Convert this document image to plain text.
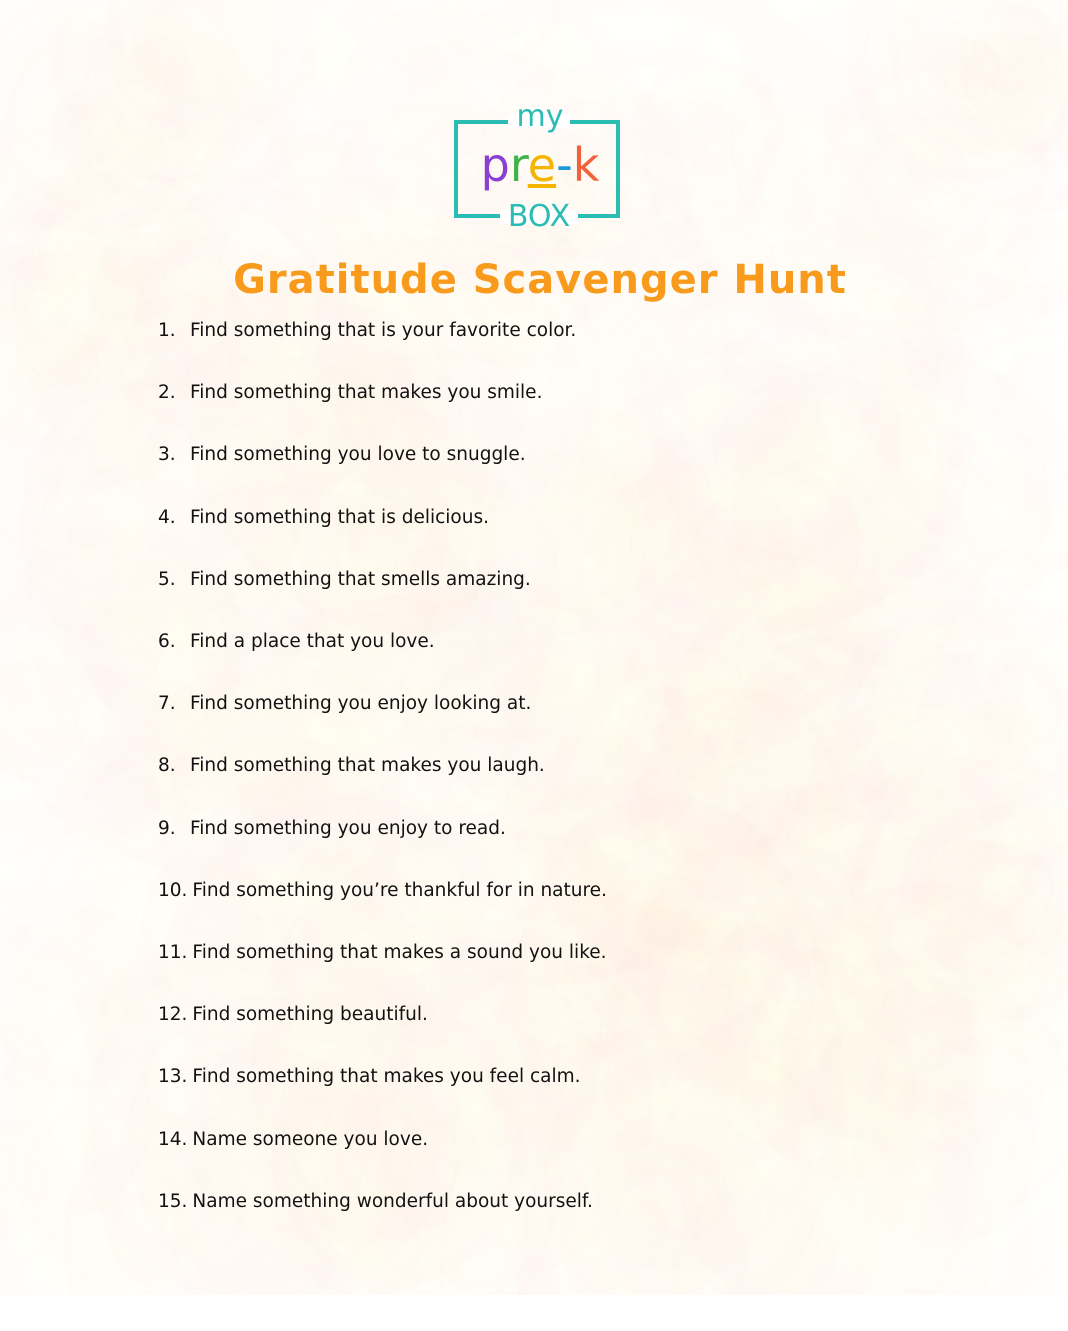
my
pre-k
BOX
Gratitude Scavenger Hunt
1. Find something that is your favorite color.
2. Find something that makes you smile.
3. Find something you love to snuggle.
4. Find something that is delicious.
5. Find something that smells amazing.
6. Find a place that you love.
7. Find something you enjoy looking at.
8. Find something that makes you laugh.
9. Find something you enjoy to read.
10. Find something you’re thankful for in nature.
11. Find something that makes a sound you like.
12. Find something beautiful.
13. Find something that makes you feel calm.
14. Name someone you love.
15. Name something wonderful about yourself.
